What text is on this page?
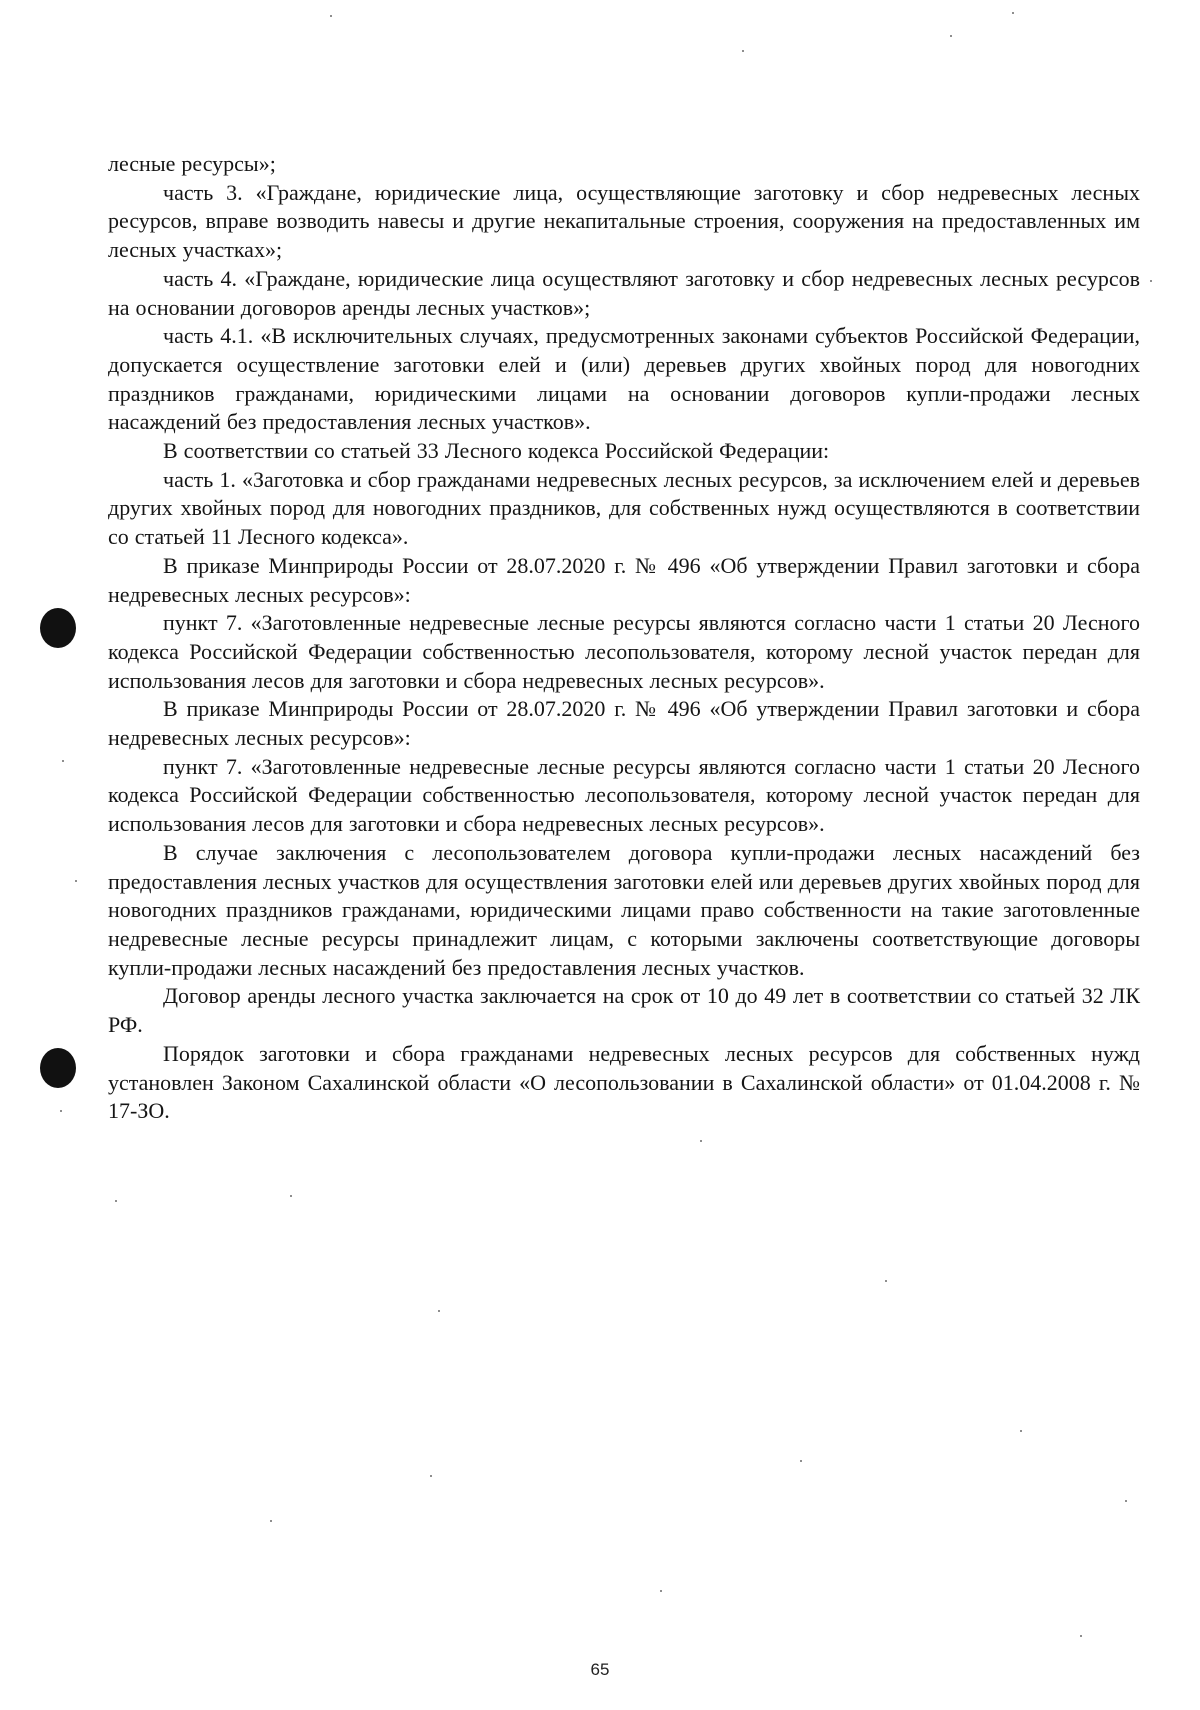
лесные ресурсы»;

часть 3. «Граждане, юридические лица, осуществляющие заготовку и сбор недревесных лесных ресурсов, вправе возводить навесы и другие некапитальные строения, сооружения на предоставленных им лесных участках»;

часть 4. «Граждане, юридические лица осуществляют заготовку и сбор недревесных лесных ресурсов на основании договоров аренды лесных участков»;

часть 4.1. «В исключительных случаях, предусмотренных законами субъектов Российской Федерации, допускается осуществление заготовки елей и (или) деревьев других хвойных пород для новогодних праздников гражданами, юридическими лицами на основании договоров купли-продажи лесных насаждений без предоставления лесных участков».

В соответствии со статьей 33 Лесного кодекса Российской Федерации:

часть 1. «Заготовка и сбор гражданами недревесных лесных ресурсов, за исключением елей и деревьев других хвойных пород для новогодних праздников, для собственных нужд осуществляются в соответствии со статьей 11 Лесного кодекса».

В приказе Минприроды России от 28.07.2020 г. № 496 «Об утверждении Правил заготовки и сбора недревесных лесных ресурсов»:

пункт 7. «Заготовленные недревесные лесные ресурсы являются согласно части 1 статьи 20 Лесного кодекса Российской Федерации собственностью лесопользователя, которому лесной участок передан для использования лесов для заготовки и сбора недревесных лесных ресурсов».

В приказе Минприроды России от 28.07.2020 г. № 496 «Об утверждении Правил заготовки и сбора недревесных лесных ресурсов»:

пункт 7. «Заготовленные недревесные лесные ресурсы являются согласно части 1 статьи 20 Лесного кодекса Российской Федерации собственностью лесопользователя, которому лесной участок передан для использования лесов для заготовки и сбора недревесных лесных ресурсов».

В случае заключения с лесопользователем договора купли-продажи лесных насаждений без предоставления лесных участков для осуществления заготовки елей или деревьев других хвойных пород для новогодних праздников гражданами, юридическими лицами право собственности на такие заготовленные недревесные лесные ресурсы принадлежит лицам, с которыми заключены соответствующие договоры купли-продажи лесных насаждений без предоставления лесных участков.

Договор аренды лесного участка заключается на срок от 10 до 49 лет в соответствии со статьей 32 ЛК РФ.

Порядок заготовки и сбора гражданами недревесных лесных ресурсов для собственных нужд установлен Законом Сахалинской области «О лесопользовании в Сахалинской области» от 01.04.2008 г. № 17-ЗО.

65
